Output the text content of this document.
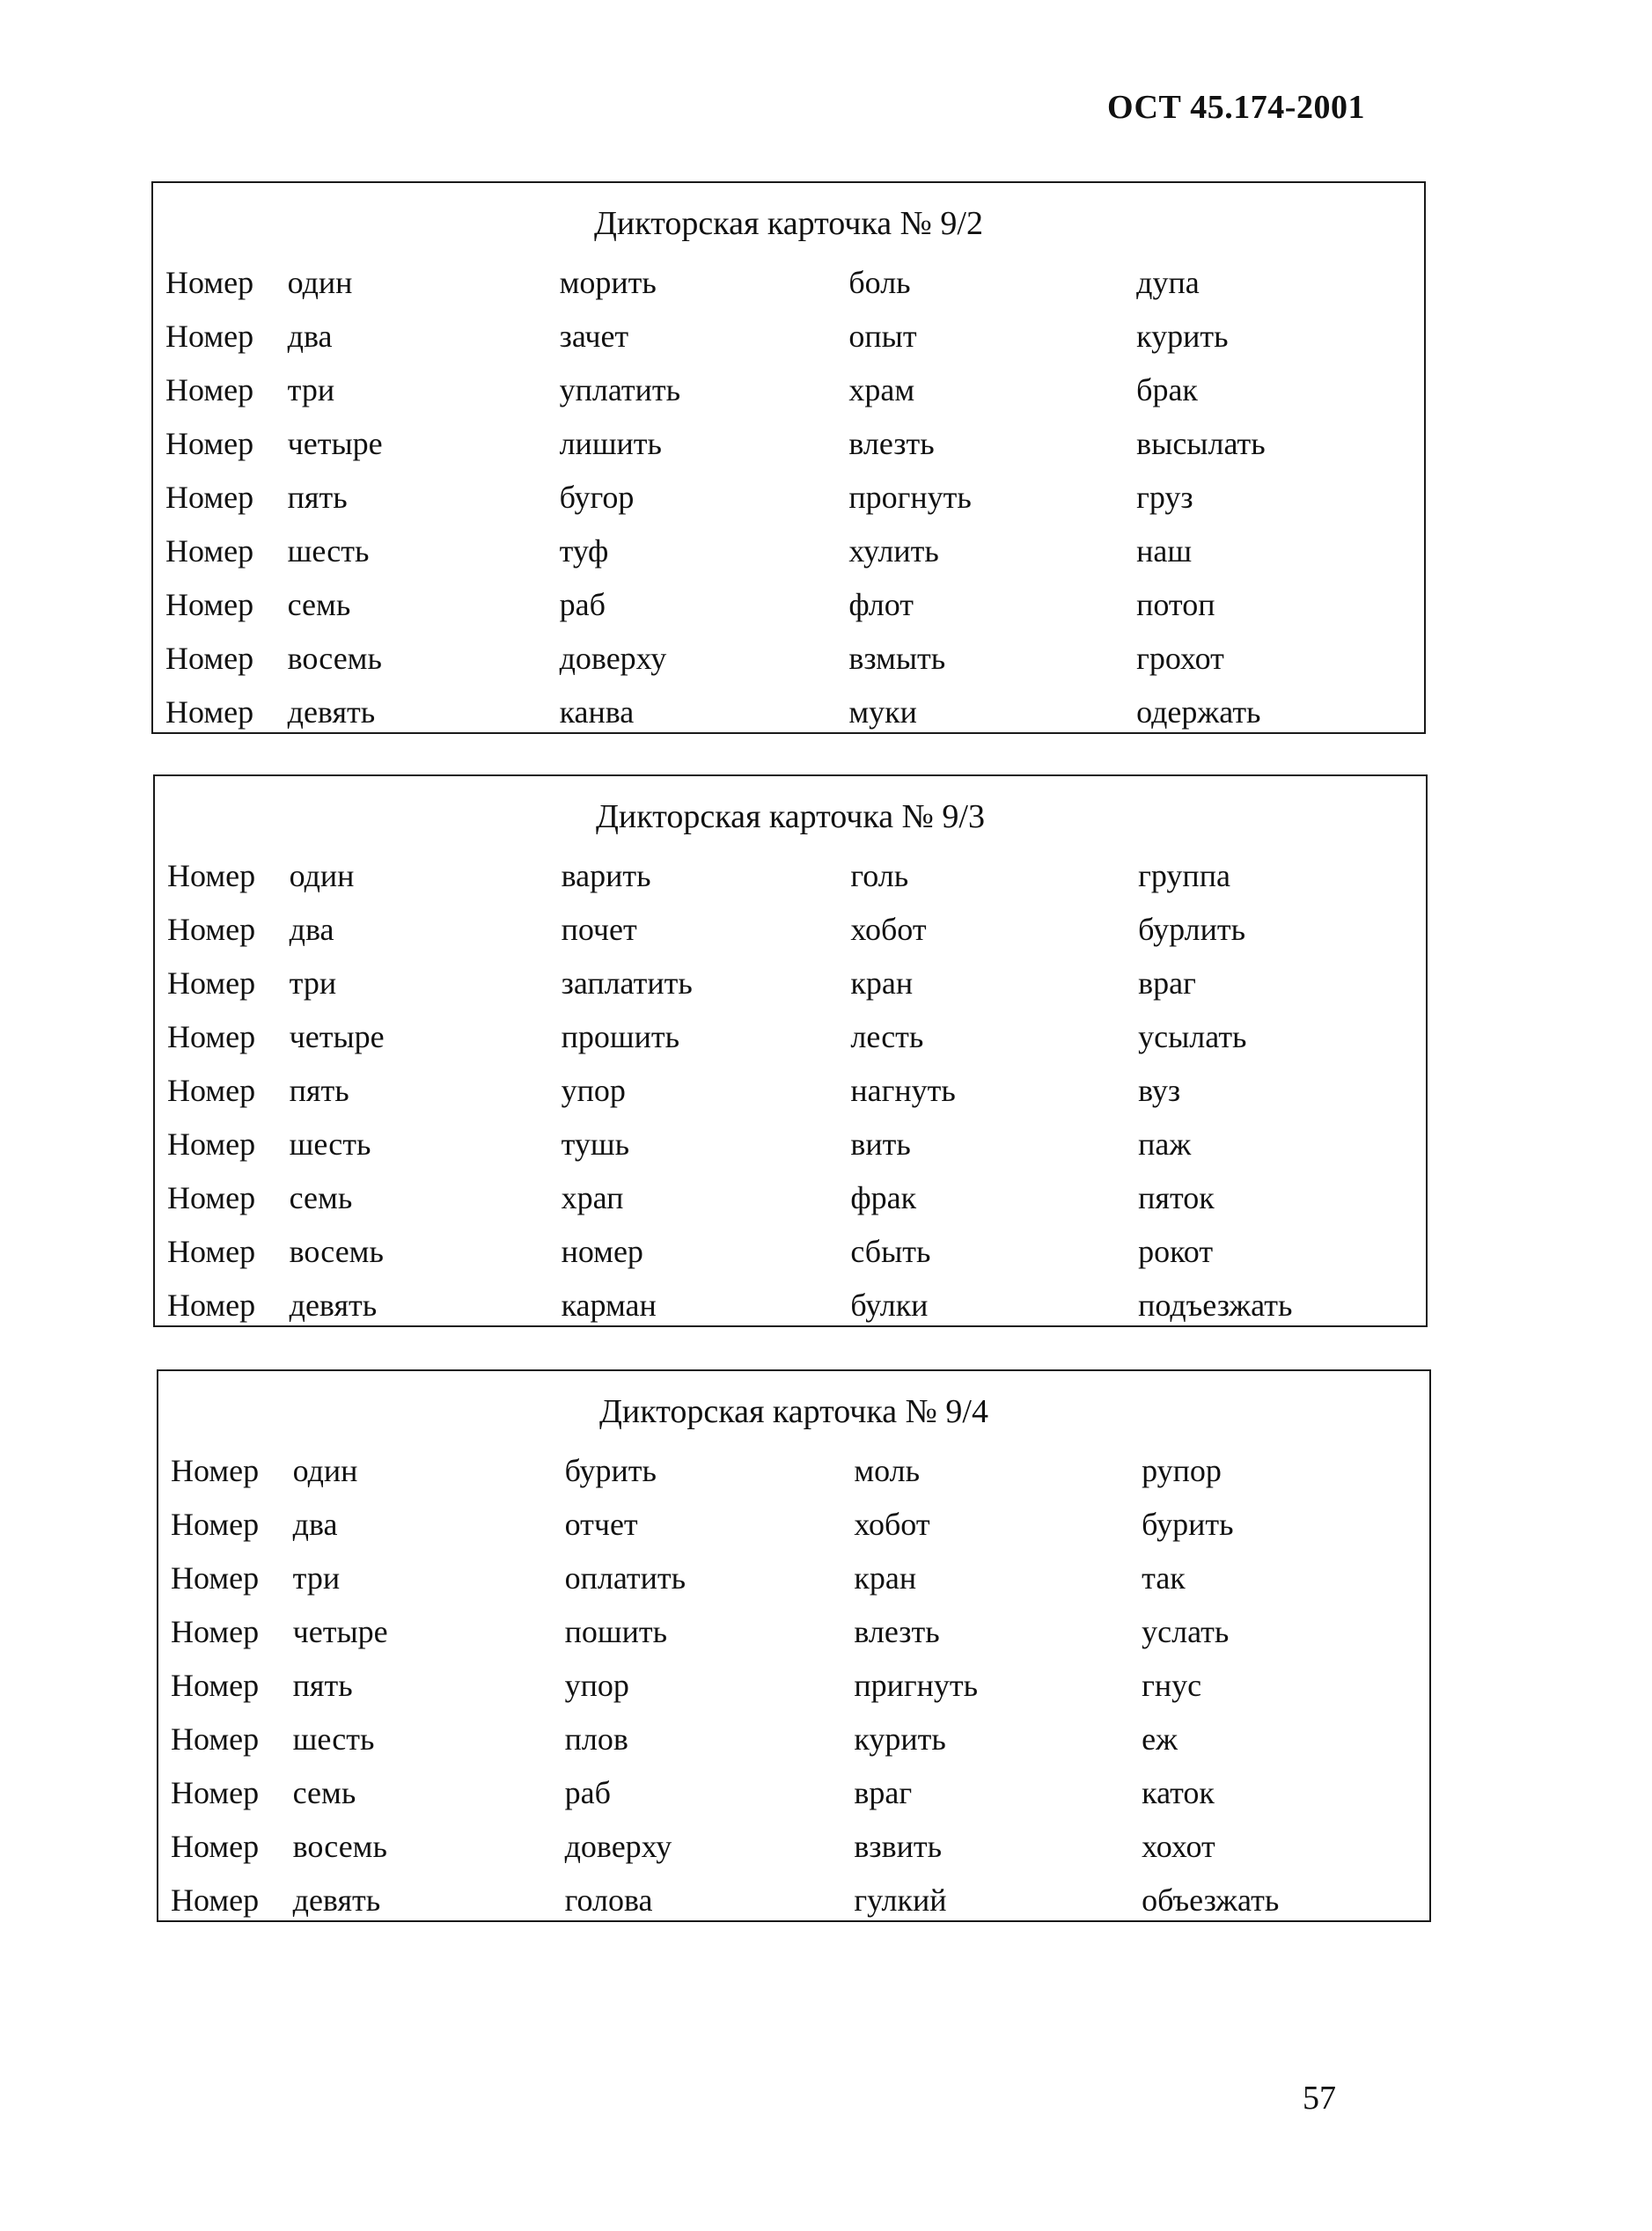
ОСТ 45.174-2001
Дикторская карточка № 9/2
Номер	один	морить	боль	дупа
Номер	два	зачет	опыт	курить
Номер	три	уплатить	храм	брак
Номер	четыре	лишить	влезть	высылать
Номер	пять	бугор	прогнуть	груз
Номер	шесть	туф	хулить	наш
Номер	семь	раб	флот	потоп
Номер	восемь	доверху	взмыть	грохот
Номер	девять	канва	муки	одержать
Дикторская карточка № 9/3
Номер	один	варить	голь	группа
Номер	два	почет	хобот	бурлить
Номер	три	заплатить	кран	враг
Номер	четыре	прошить	лесть	усылать
Номер	пять	упор	нагнуть	вуз
Номер	шесть	тушь	вить	паж
Номер	семь	храп	фрак	пяток
Номер	восемь	номер	сбыть	рокот
Номер	девять	карман	булки	подъезжать
Дикторская карточка № 9/4
Номер	один	бурить	моль	рупор
Номер	два	отчет	хобот	бурить
Номер	три	оплатить	кран	так
Номер	четыре	пошить	влезть	услать
Номер	пять	упор	пригнуть	гнус
Номер	шесть	плов	курить	еж
Номер	семь	раб	враг	каток
Номер	восемь	доверху	взвить	хохот
Номер	девять	голова	гулкий	объезжать
57
